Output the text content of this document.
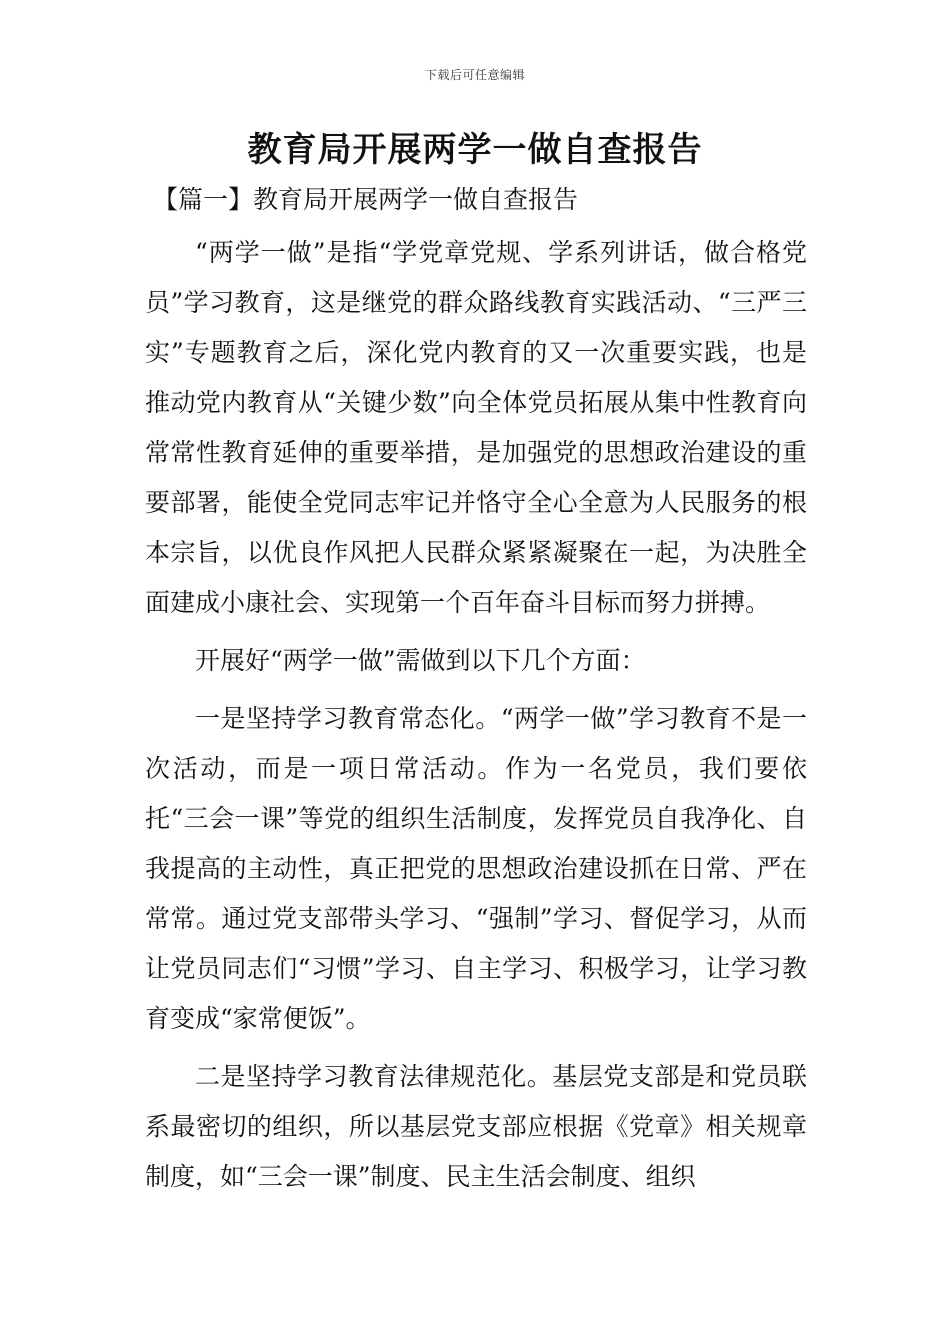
下载后可任意编辑
教育局开展两学一做自查报告

【篇一】教育局开展两学一做自查报告

“两学一做”是指“学党章党规、学系列讲话，做合格党员”学习教育，这是继党的群众路线教育实践活动、“三严三实”专题教育之后，深化党内教育的又一次重要实践，也是推动党内教育从“关键少数”向全体党员拓展从集中性教育向常常性教育延伸的重要举措，是加强党的思想政治建设的重要部署，能使全党同志牢记并恪守全心全意为人民服务的根本宗旨，以优良作风把人民群众紧紧凝聚在一起，为决胜全面建成小康社会、实现第一个百年奋斗目标而努力拼搏。

开展好“两学一做”需做到以下几个方面：

一是坚持学习教育常态化。“两学一做”学习教育不是一次活动，而是一项日常活动。作为一名党员，我们要依托“三会一课”等党的组织生活制度，发挥党员自我净化、自我提高的主动性，真正把党的思想政治建设抓在日常、严在常常。通过党支部带头学习、“强制”学习、督促学习，从而让党员同志们“习惯”学习、自主学习、积极学习，让学习教育变成“家常便饭”。

二是坚持学习教育法律规范化。基层党支部是和党员联系最密切的组织，所以基层党支部应根据《党章》相关规章制度，如“三会一课”制度、民主生活会制度、组织
